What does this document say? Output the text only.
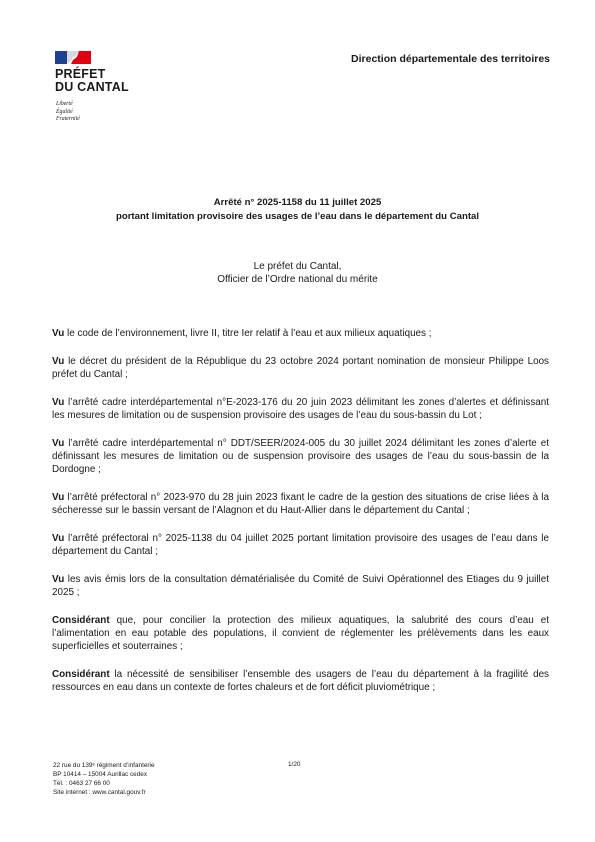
PRÉFET
DU CANTAL
Liberté
Égalité
Fraternité
Direction départementale des territoires
Arrêté n° 2025-1158 du 11 juillet 2025
portant limitation provisoire des usages de l’eau dans le département du Cantal
Le préfet du Cantal,
Officier de l’Ordre national du mérite

Vu le code de l’environnement, livre II, titre Ier relatif à l’eau et aux milieux aquatiques ;

Vu le décret du président de la République du 23 octobre 2024 portant nomination de monsieur Philippe Loos préfet du Cantal ;

Vu l’arrêté cadre interdépartemental n°E-2023-176 du 20 juin 2023 délimitant les zones d’alertes et définissant les mesures de limitation ou de suspension provisoire des usages de l’eau du sous-bassin du Lot ;

Vu l’arrêté cadre interdépartemental n° DDT/SEER/2024-005 du 30 juillet 2024 délimitant les zones d’alerte et définissant les mesures de limitation ou de suspension provisoire des usages de l’eau du sous-bassin de la Dordogne ;

Vu l’arrêté préfectoral n° 2023-970 du 28 juin 2023 fixant le cadre de la gestion des situations de crise liées à la sécheresse sur le bassin versant de l’Alagnon et du Haut-Allier dans le département du Cantal ;

Vu l’arrêté préfectoral n° 2025-1138 du 04 juillet 2025 portant limitation provisoire des usages de l’eau dans le département du Cantal ;

Vu les avis émis lors de la consultation dématérialisée du Comité de Suivi Opérationnel des Etiages du 9 juillet 2025 ;

Considérant que, pour concilier la protection des milieux aquatiques, la salubrité des cours d’eau et l’alimentation en eau potable des populations, il convient de réglementer les prélèvements dans les eaux superficielles et souterraines ;

Considérant la nécessité de sensibiliser l’ensemble des usagers de l’eau du département à la fragilité des ressources en eau dans un contexte de fortes chaleurs et de fort déficit pluviométrique ;

22 rue du 139ᵉ régiment d’infanterie
BP 10414 – 15004 Aurillac cedex
Tél. : 0463 27 66 00
Site internet : www.cantal.gouv.fr
1/20
